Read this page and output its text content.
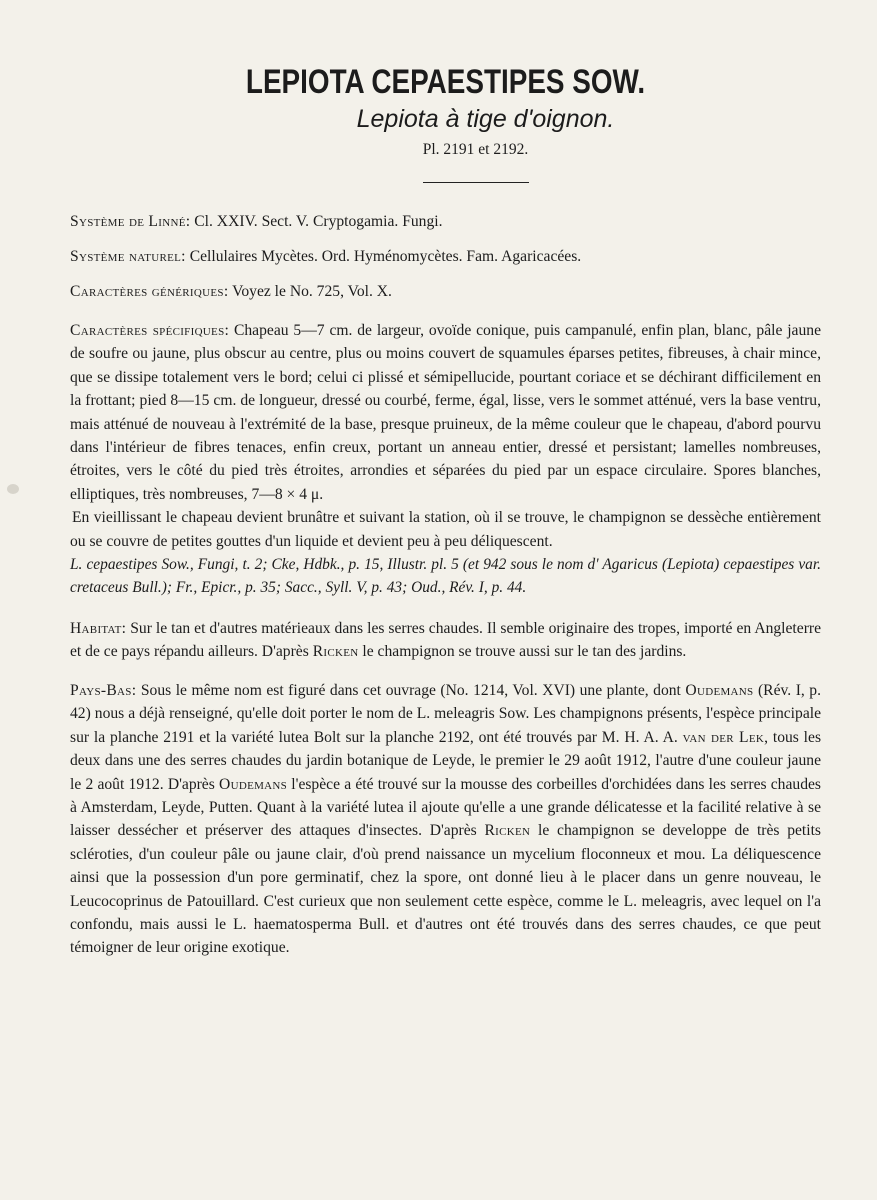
LEPIOTA CEPAESTIPES SOW.
Lepiota à tige d'oignon.
Pl. 2191 et 2192.

Système de Linné: Cl. XXIV. Sect. V. Cryptogamia. Fungi.

Système naturel: Cellulaires Mycètes. Ord. Hyménomycètes. Fam. Agaricacées.

Caractères génériques: Voyez le No. 725, Vol. X.

Caractères spécifiques: Chapeau 5—7 cm. de largeur, ovoïde conique, puis campanulé, enfin plan, blanc, pâle jaune de soufre ou jaune, plus obscur au centre, plus ou moins couvert de squamules éparses petites, fibreuses, à chair mince, que se dissipe totalement vers le bord; celui ci plissé et sémipellucide, pourtant coriace et se déchirant difficilement en la frottant; pied 8—15 cm. de longueur, dressé ou courbé, ferme, égal, lisse, vers le sommet atténué, vers la base ventru, mais atténué de nouveau à l'extrémité de la base, presque pruineux, de la même couleur que le chapeau, d'abord pourvu dans l'intérieur de fibres tenaces, enfin creux, portant un anneau entier, dressé et persistant; lamelles nombreuses, étroites, vers le côté du pied très étroites, arrondies et séparées du pied par un espace circulaire. Spores blanches, elliptiques, très nombreuses, 7—8 × 4 μ.

En vieillissant le chapeau devient brunâtre et suivant la station, où il se trouve, le champignon se dessèche entièrement ou se couvre de petites gouttes d'un liquide et devient peu à peu déliquescent.

L. cepaestipes Sow., Fungi, t. 2; Cke, Hdbk., p. 15, Illustr. pl. 5 (et 942 sous le nom d' Agaricus (Lepiota) cepaestipes var. cretaceus Bull.); Fr., Epicr., p. 35; Sacc., Syll. V, p. 43; Oud., Rév. I, p. 44.

Habitat: Sur le tan et d'autres matérieaux dans les serres chaudes. Il semble originaire des tropes, importé en Angleterre et de ce pays répandu ailleurs. D'après Ricken le champignon se trouve aussi sur le tan des jardins.

Pays-Bas: Sous le même nom est figuré dans cet ouvrage (No. 1214, Vol. XVI) une plante, dont Oudemans (Rév. I, p. 42) nous a déjà renseigné, qu'elle doit porter le nom de L. meleagris Sow. Les champignons présents, l'espèce principale sur la planche 2191 et la variété lutea Bolt sur la planche 2192, ont été trouvés par M. H. A. A. van der Lek, tous les deux dans une des serres chaudes du jardin botanique de Leyde, le premier le 29 août 1912, l'autre d'une couleur jaune le 2 août 1912. D'après Oudemans l'espèce a été trouvé sur la mousse des corbeilles d'orchidées dans les serres chaudes à Amsterdam, Leyde, Putten. Quant à la variété lutea il ajoute qu'elle a une grande délicatesse et la facilité relative à se laisser dessécher et préserver des attaques d'insectes. D'après Ricken le champignon se developpe de très petits scléroties, d'un couleur pâle ou jaune clair, d'où prend naissance un mycelium floconneux et mou. La déliquescence ainsi que la possession d'un pore germinatif, chez la spore, ont donné lieu à le placer dans un genre nouveau, le Leucocoprinus de Patouillard. C'est curieux que non seulement cette espèce, comme le L. meleagris, avec lequel on l'a confondu, mais aussi le L. haematosperma Bull. et d'autres ont été trouvés dans des serres chaudes, ce que peut témoigner de leur origine exotique.
